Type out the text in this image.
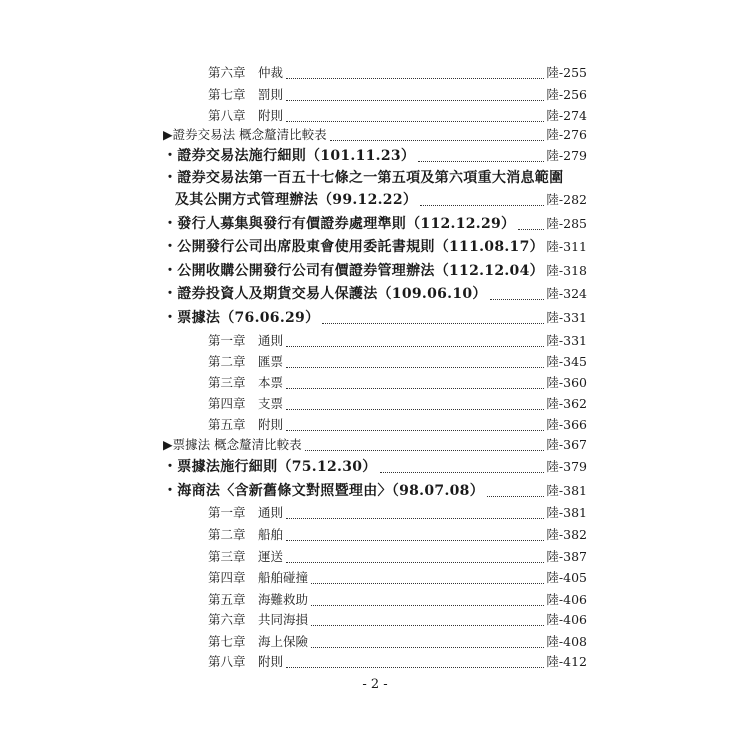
第六章　仲裁	陸-255
第七章　罰則	陸-256
第八章　附則	陸-274
▶證券交易法 概念釐清比較表	陸-276
・證券交易法施行細則（101.11.23）	陸-279
・證券交易法第一百五十七條之一第五項及第六項重大消息範圍
及其公開方式管理辦法（99.12.22）	陸-282
・發行人募集與發行有價證券處理準則（112.12.29） 陸-285
・公開發行公司出席股東會使用委託書規則（111.08.17） 陸-311
・公開收購公開發行公司有價證券管理辦法（112.12.04） 陸-318
・證券投資人及期貨交易人保護法（109.06.10）	陸-324
・票據法（76.06.29）	陸-331
第一章　通則	陸-331
第二章　匯票	陸-345
第三章　本票	陸-360
第四章　支票	陸-362
第五章　附則	陸-366
▶票據法 概念釐清比較表	陸-367
・票據法施行細則（75.12.30）	陸-379
・海商法〈含新舊條文對照暨理由〉（98.07.08）	陸-381
第一章　通則	陸-381
第二章　船舶	陸-382
第三章　運送	陸-387
第四章　船舶碰撞	陸-405
第五章　海難救助	陸-406
第六章　共同海損	陸-406
第七章　海上保險	陸-408
第八章　附則	陸-412
- 2 -
